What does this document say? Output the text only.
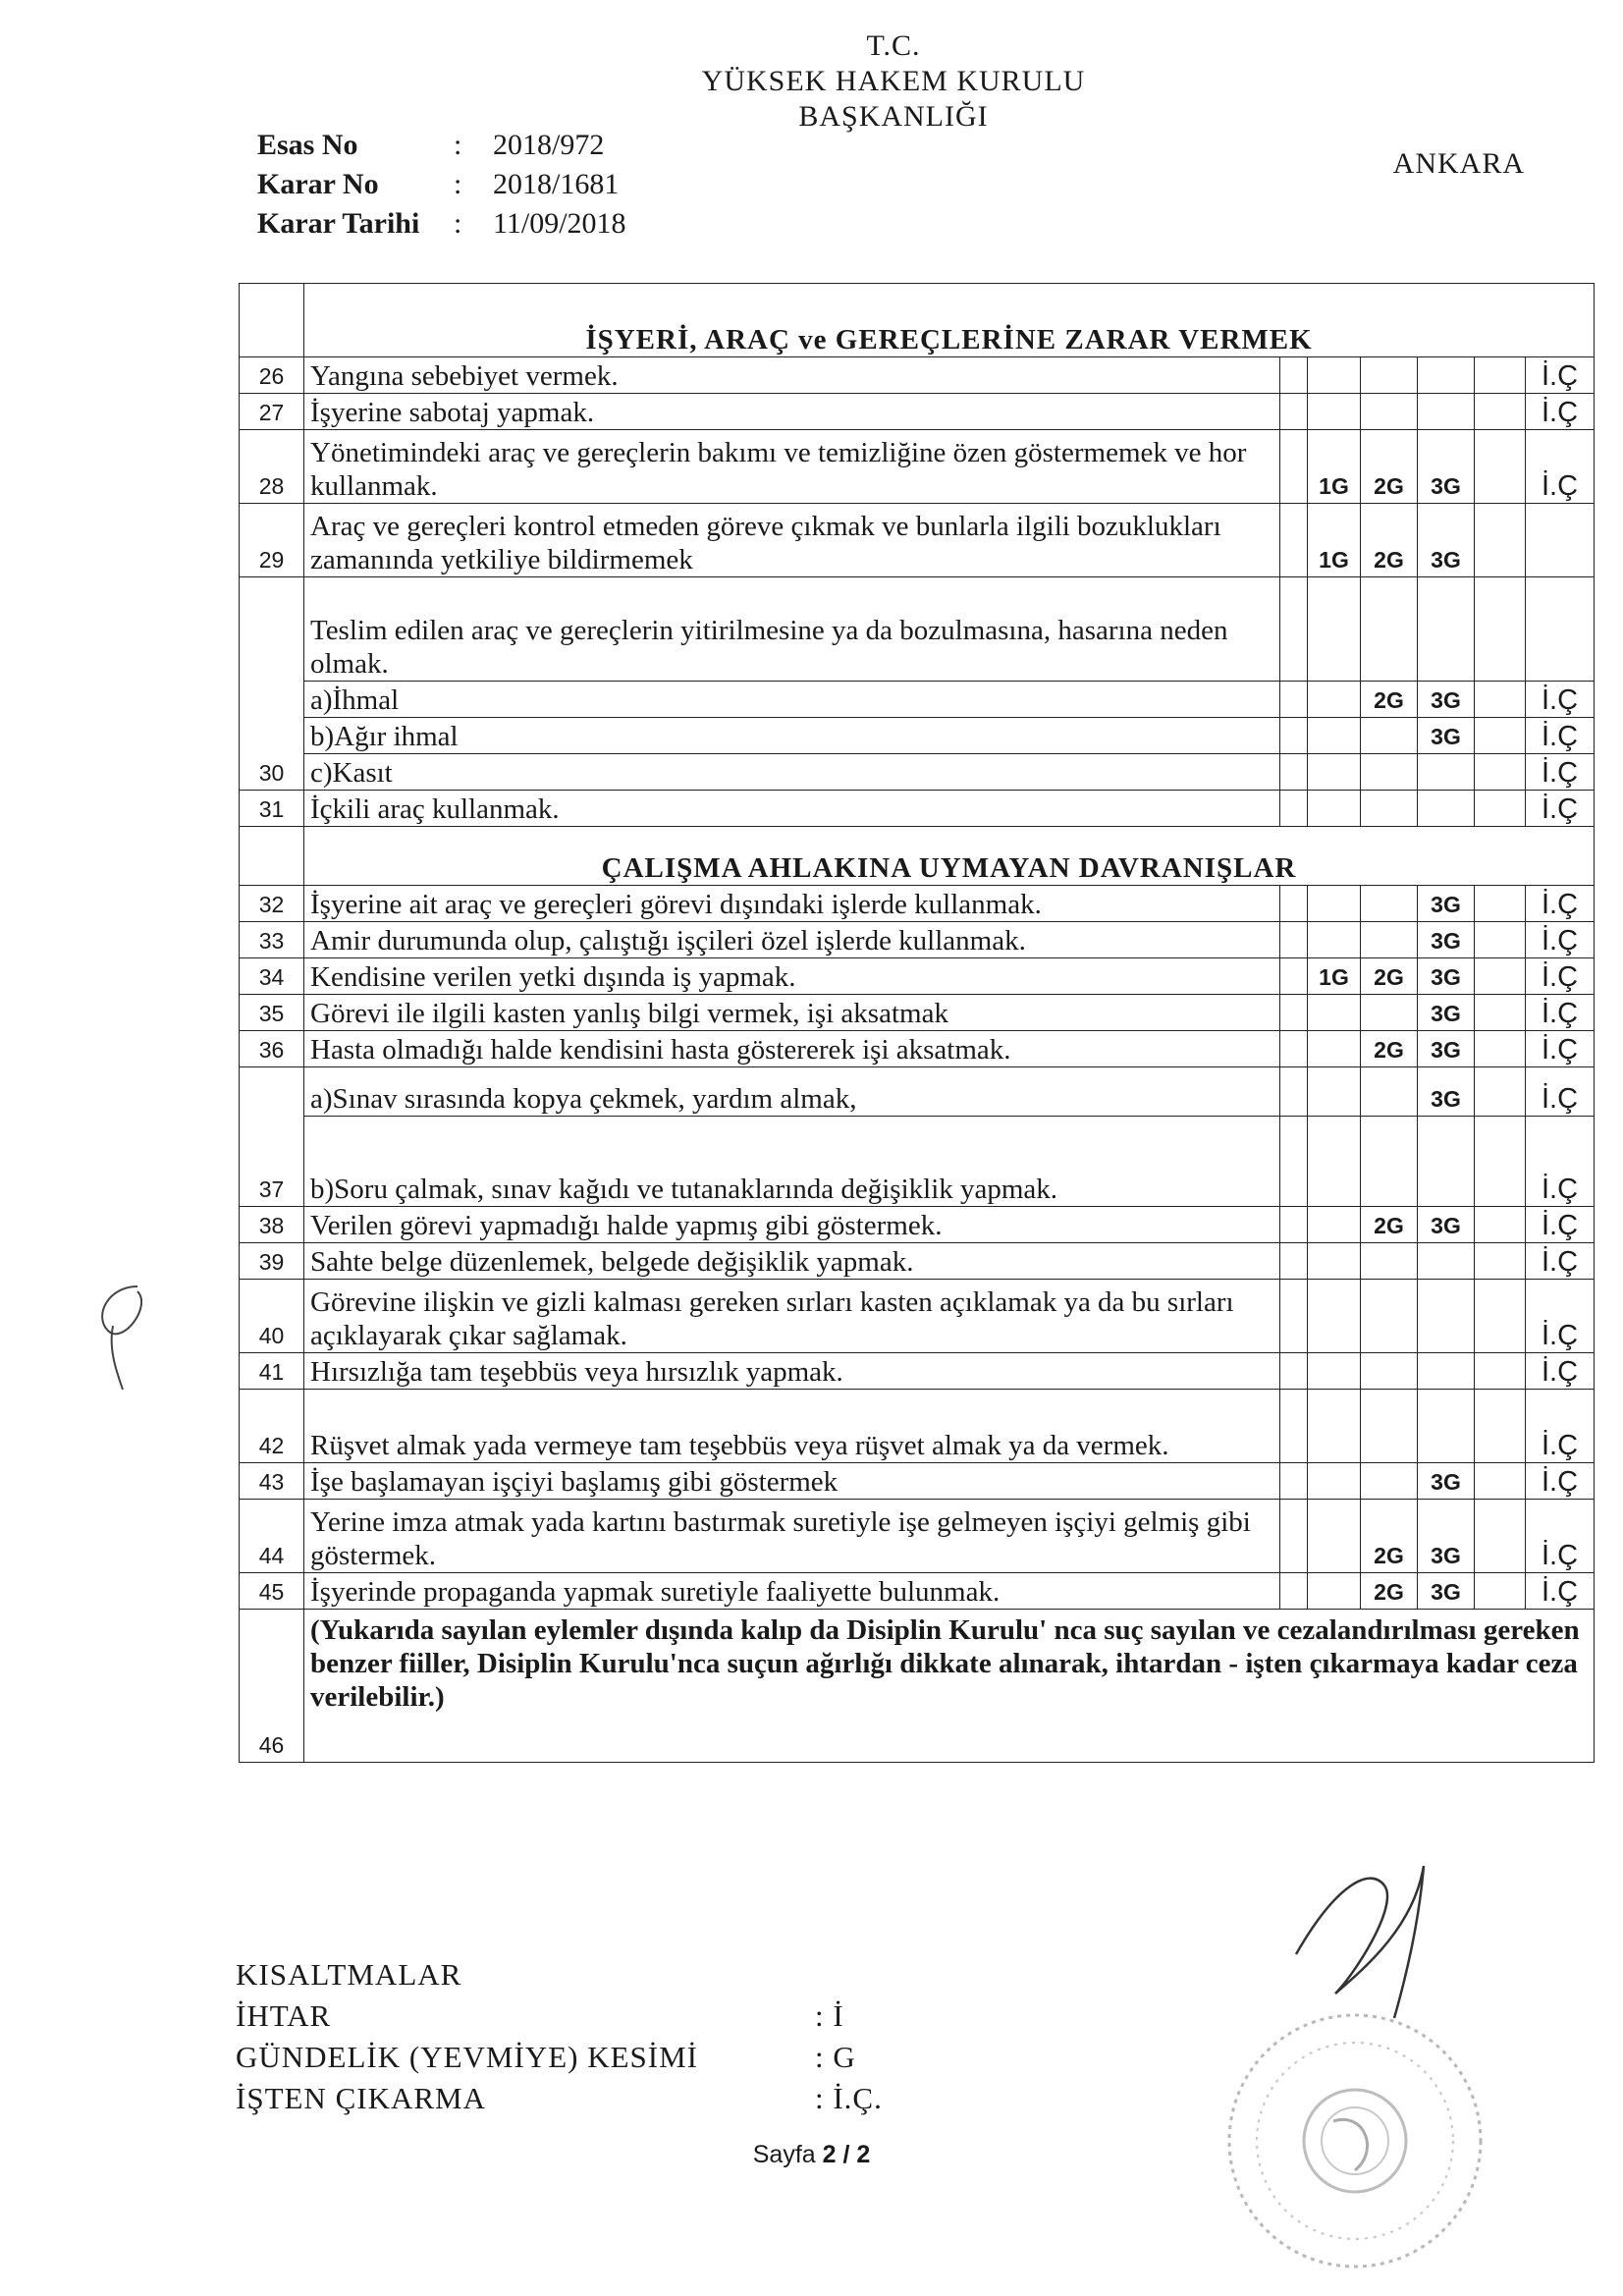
T.C.
YÜKSEK HAKEM KURULU
BAŞKANLIĞI
ANKARA
Esas No	:	2018/972
Karar No	:	2018/1681
Karar Tarihi	:	11/09/2018
	İŞYERİ, ARAÇ ve GEREÇLERİNE ZARAR VERMEK						
26	Yangına sebebiyet vermek.						İ.Ç
27	İşyerine sabotaj yapmak.						İ.Ç
28	Yönetimindeki araç ve gereçlerin bakımı ve temizliğine özen göstermemek ve hor kullanmak.		1G	2G	3G		İ.Ç
29	Araç ve gereçleri kontrol etmeden göreve çıkmak ve bunlarla ilgili bozuklukları zamanında yetkiliye bildirmemek		1G	2G	3G		
30	Teslim edilen araç ve gereçlerin yitirilmesine ya da bozulmasına, hasarına neden olmak.						
	a)İhmal			2G	3G		İ.Ç
	b)Ağır ihmal				3G		İ.Ç
	c)Kasıt						İ.Ç
31	İçkili araç kullanmak.						İ.Ç
	ÇALIŞMA AHLAKINA UYMAYAN DAVRANIŞLAR						
32	İşyerine ait araç ve gereçleri görevi dışındaki işlerde kullanmak.				3G		İ.Ç
33	Amir durumunda olup, çalıştığı işçileri özel işlerde kullanmak.				3G		İ.Ç
34	Kendisine verilen yetki dışında iş yapmak.		1G	2G	3G		İ.Ç
35	Görevi ile ilgili kasten yanlış bilgi vermek, işi aksatmak				3G		İ.Ç
36	Hasta olmadığı halde kendisini hasta göstererek işi aksatmak.			2G	3G		İ.Ç
37	a)Sınav sırasında kopya çekmek, yardım almak,				3G		İ.Ç
	b)Soru çalmak, sınav kağıdı ve tutanaklarında değişiklik yapmak.						İ.Ç
38	Verilen görevi yapmadığı halde yapmış gibi göstermek.			2G	3G		İ.Ç
39	Sahte belge düzenlemek, belgede değişiklik yapmak.						İ.Ç
40	Görevine ilişkin ve gizli kalması gereken sırları kasten açıklamak ya da bu sırları açıklayarak çıkar sağlamak.						İ.Ç
41	Hırsızlığa tam teşebbüs veya hırsızlık yapmak.						İ.Ç
42	Rüşvet almak yada vermeye tam teşebbüs veya rüşvet almak ya da vermek.						İ.Ç
43	İşe başlamayan işçiyi başlamış gibi göstermek				3G		İ.Ç
44	Yerine imza atmak yada kartını bastırmak suretiyle işe gelmeyen işçiyi gelmiş gibi göstermek.			2G	3G		İ.Ç
45	İşyerinde propaganda yapmak suretiyle faaliyette bulunmak.			2G	3G		İ.Ç
46	(Yukarıda sayılan eylemler dışında kalıp da Disiplin Kurulu' nca suç sayılan ve cezalandırılması gereken benzer fiiller, Disiplin Kurulu'nca suçun ağırlığı dikkate alınarak, ihtardan - işten çıkarmaya kadar ceza verilebilir.)						
KISALTMALAR
İHTAR	: İ
GÜNDELİK (YEVMİYE) KESİMİ	: G
İŞTEN ÇIKARMA	: İ.Ç.
Sayfa 2 / 2
